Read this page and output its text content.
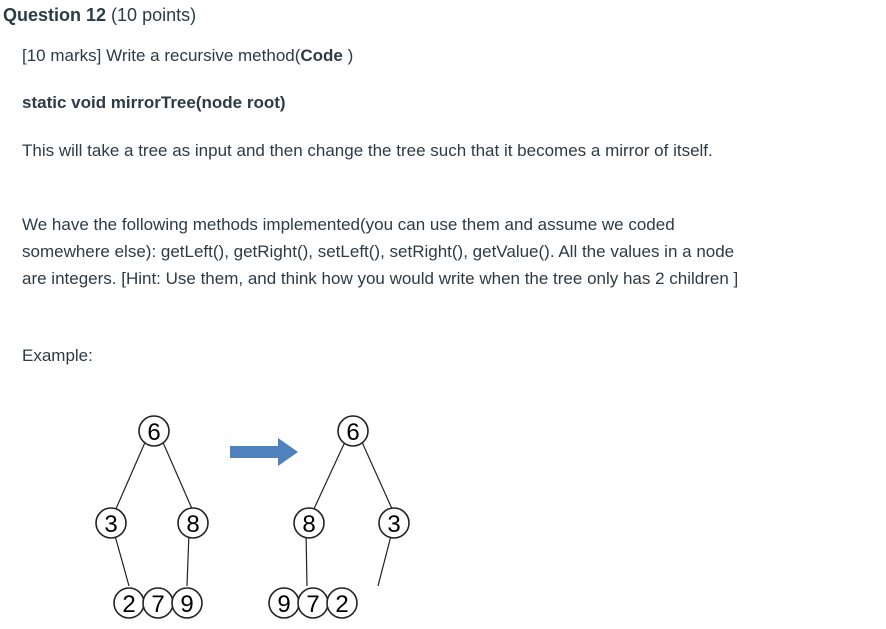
Question 12 (10 points)
[10 marks] Write a recursive method(Code )
static void mirrorTree(node root)
This will take a tree as input and then change the tree such that it becomes a mirror of itself.
We have the following methods implemented(you can use them and assume we coded somewhere else): getLeft(), getRight(), setLeft(), setRight(), getValue(). All the values in a node are integers. [Hint: Use them, and think how you would write when the tree only has 2 children ]
Example:
6
3	8
2 7 9
6
8	3
9 7 2
